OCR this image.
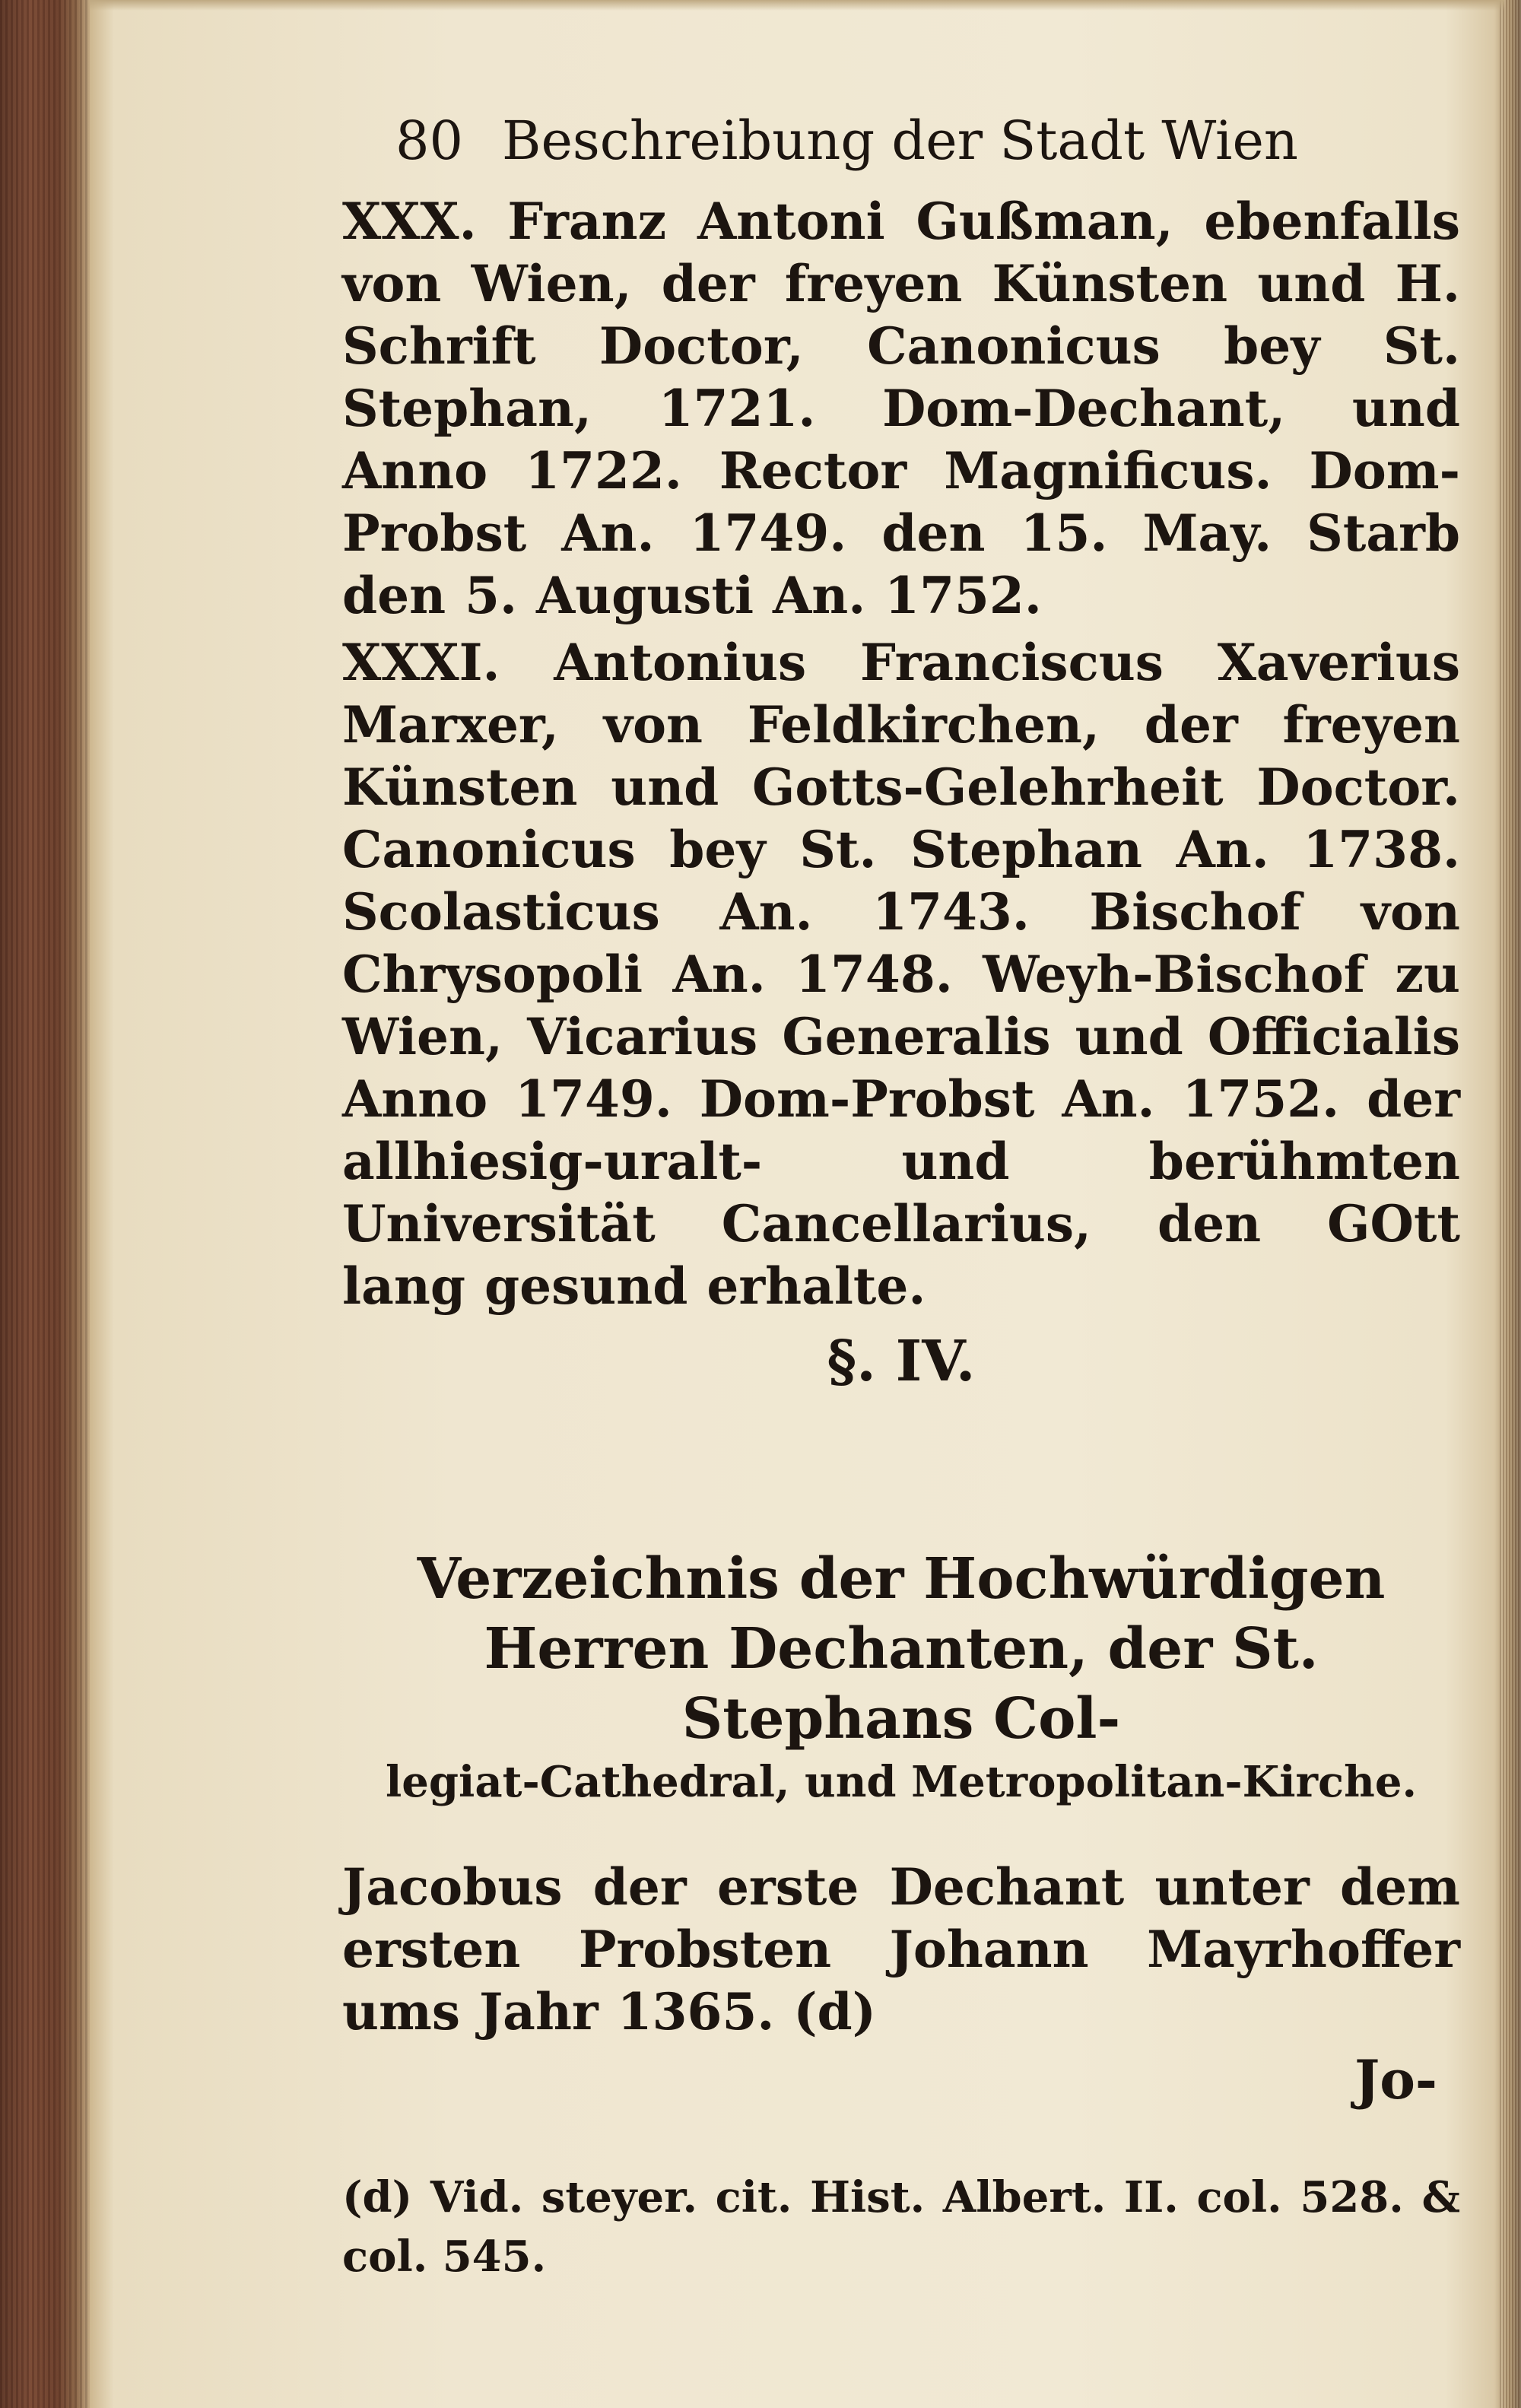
80 Beschreibung der Stadt Wien
XXX. Franz Antoni Gußman, ebenfalls von Wien, der freyen Künsten und H. Schrift Doctor, Canonicus bey St. Stephan, 1721. Dom-Dechant, und Anno 1722. Rector Magnificus. Dom-Probst An. 1749. den 15. May. Starb den 5. Augusti An. 1752.
XXXI. Antonius Franciscus Xaverius Marxer, von Feldkirchen, der freyen Künsten und Gotts-Gelehrheit Doctor. Canonicus bey St. Stephan An. 1738. Scolasticus An. 1743. Bischof von Chrysopoli An. 1748. Weyh-Bischof zu Wien, Vicarius Generalis und Officialis Anno 1749. Dom-Probst An. 1752. der allhiesig-uralt- und berühmten Universität Cancellarius, den GOtt lang gesund erhalte.
§. IV.
Verzeichnis der Hochwürdigen Herren Dechanten, der St. Stephans Col-
legiat-Cathedral, und Metropolitan-Kirche.
Jacobus der erste Dechant unter dem ersten Probsten Johann Mayrhoffer ums Jahr 1365. (d)
Jo-
(d) Vid. steyer. cit. Hist. Albert. II. col. 528. & col. 545.
